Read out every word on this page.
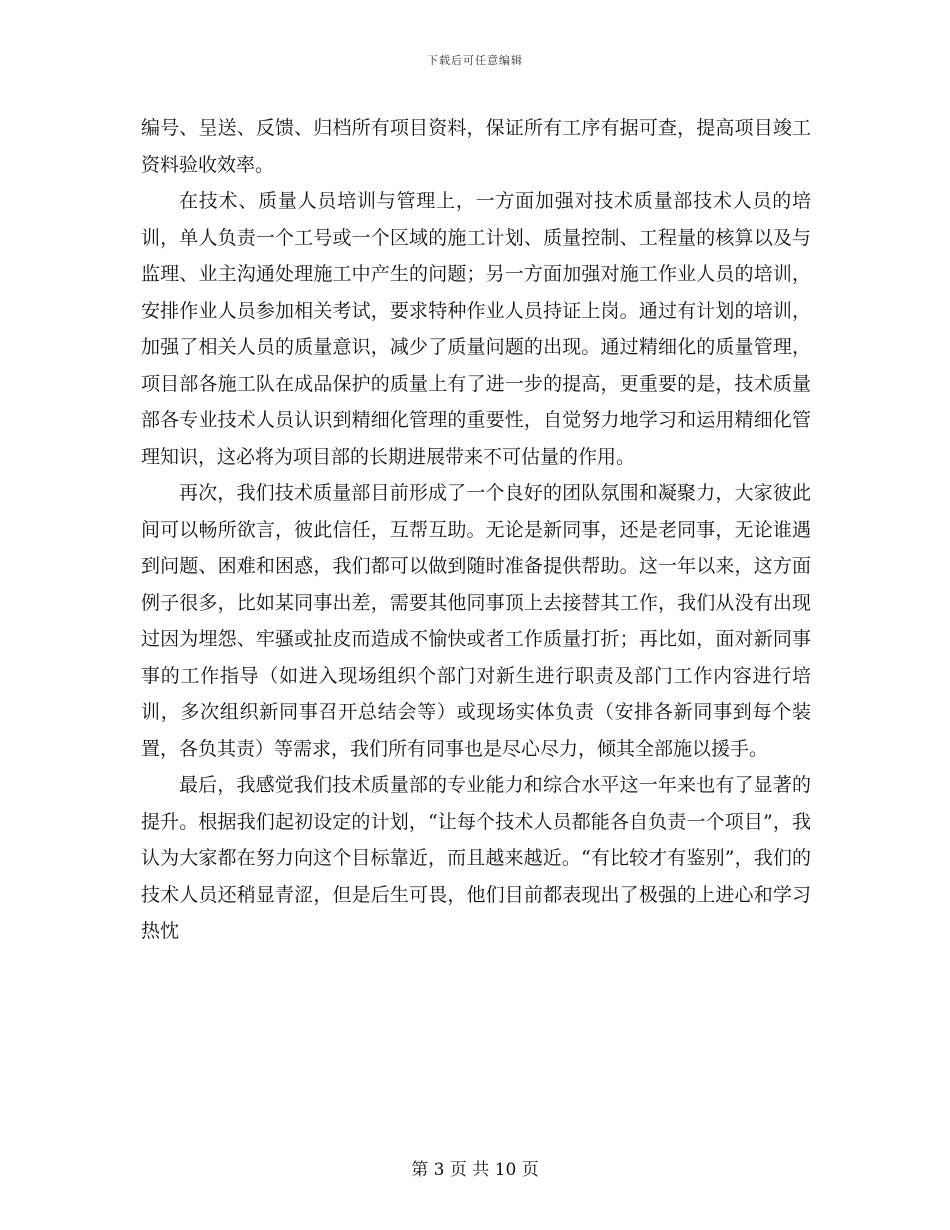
下载后可任意编辑

编号、呈送、反馈、归档所有项目资料，保证所有工序有据可查，提高项目竣工资料验收效率。

在技术、质量人员培训与管理上，一方面加强对技术质量部技术人员的培训，单人负责一个工号或一个区域的施工计划、质量控制、工程量的核算以及与监理、业主沟通处理施工中产生的问题；另一方面加强对施工作业人员的培训，安排作业人员参加相关考试，要求特种作业人员持证上岗。通过有计划的培训，加强了相关人员的质量意识，减少了质量问题的出现。通过精细化的质量管理，项目部各施工队在成品保护的质量上有了进一步的提高，更重要的是，技术质量部各专业技术人员认识到精细化管理的重要性，自觉努力地学习和运用精细化管理知识，这必将为项目部的长期进展带来不可估量的作用。

再次，我们技术质量部目前形成了一个良好的团队氛围和凝聚力，大家彼此间可以畅所欲言，彼此信任，互帮互助。无论是新同事，还是老同事，无论谁遇到问题、困难和困惑，我们都可以做到随时准备提供帮助。这一年以来，这方面例子很多，比如某同事出差，需要其他同事顶上去接替其工作，我们从没有出现过因为埋怨、牢骚或扯皮而造成不愉快或者工作质量打折；再比如，面对新同事事的工作指导（如进入现场组织个部门对新生进行职责及部门工作内容进行培训，多次组织新同事召开总结会等）或现场实体负责（安排各新同事到每个装置，各负其责）等需求，我们所有同事也是尽心尽力，倾其全部施以援手。

最后，我感觉我们技术质量部的专业能力和综合水平这一年来也有了显著的提升。根据我们起初设定的计划，“让每个技术人员都能各自负责一个项目”，我认为大家都在努力向这个目标靠近，而且越来越近。“有比较才有鉴别”，我们的技术人员还稍显青涩，但是后生可畏，他们目前都表现出了极强的上进心和学习热忱

第 3 页 共 10 页
